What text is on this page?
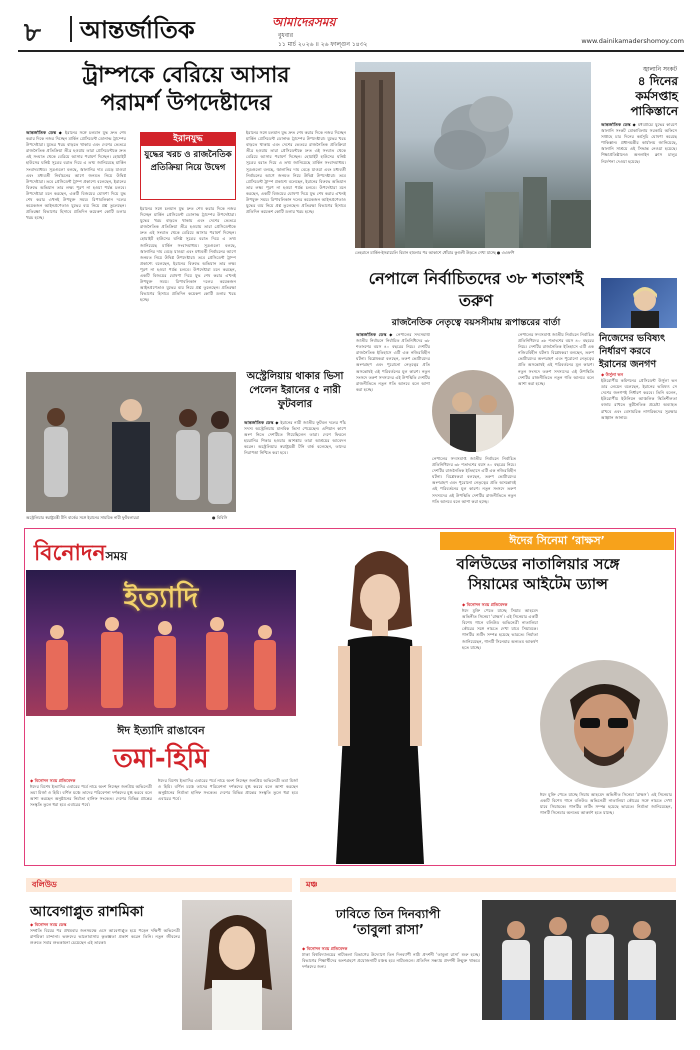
৮ আন্তর্জাতিক	আমাদেরসময়
বুধবার
১১ মার্চ ২০২৬ ॥ ২৬ ফাল্গুন ১৪৩২	www.dainikamadershomoy.com
ট্রাম্পকে বেরিয়ে আসার
পরামর্শ উপদেষ্টাদের
আন্তর্জাতিক ডেস্ক ◆ ইরানের সঙ্গে চলমান যুদ্ধ দ্রুত শেষ করার দিকে নজর দিচ্ছেন মার্কিন প্রেসিডেন্ট ডোনাল্ড ট্রাম্পের উপদেষ্টারা। যুদ্ধের খরচ বাড়তে থাকায় এবং দেশের ভেতরে রাজনৈতিক প্রতিক্রিয়া তীব্র হওয়ায় তারা প্রেসিডেন্টকে দ্রুত এই সংঘাত থেকে বেরিয়ে আসার পরামর্শ দিচ্ছেন। হোয়াইট হাউসের ঘনিষ্ঠ সূত্রের বরাত দিয়ে এ তথ্য জানিয়েছে মার্কিন সংবাদমাধ্যম। সূত্রগুলো বলছে, জ্বালানির দাম বেড়ে যাওয়া এবং মধ্যবর্তী নির্বাচনের আগে জনমত নিয়ে উদ্বিগ্ন উপদেষ্টারা। তবে প্রেসিডেন্ট ট্রাম্প প্রকাশ্যে বলেছেন, ইরানের বিরুদ্ধে অভিযান তার লক্ষ্য পূরণ না হওয়া পর্যন্ত চলবে। উপদেষ্টারা মনে করছেন, একটি বিজয়ের ঘোষণা দিয়ে যুদ্ধ শেষ করার এখনই উপযুক্ত সময়। রিপাবলিকান দলের কয়েকজন আইনপ্রণেতাও যুদ্ধের ব্যয় নিয়ে প্রশ্ন তুলেছেন। প্রতিরক্ষা বিভাগের হিসাবে প্রতিদিন কয়েকশ কোটি ডলার খরচ হচ্ছে।
ইরানযুদ্ধ
যুদ্ধের খরচ ও রাজনৈতিক প্রতিক্রিয়া নিয়ে উদ্বেগ
ইরানের সঙ্গে চলমান যুদ্ধ দ্রুত শেষ করার দিকে নজর দিচ্ছেন মার্কিন প্রেসিডেন্ট ডোনাল্ড ট্রাম্পের উপদেষ্টারা। যুদ্ধের খরচ বাড়তে থাকায় এবং দেশের ভেতরে রাজনৈতিক প্রতিক্রিয়া তীব্র হওয়ায় তারা প্রেসিডেন্টকে দ্রুত এই সংঘাত থেকে বেরিয়ে আসার পরামর্শ দিচ্ছেন। হোয়াইট হাউসের ঘনিষ্ঠ সূত্রের বরাত দিয়ে এ তথ্য জানিয়েছে মার্কিন সংবাদমাধ্যম। সূত্রগুলো বলছে, জ্বালানির দাম বেড়ে যাওয়া এবং মধ্যবর্তী নির্বাচনের আগে জনমত নিয়ে উদ্বিগ্ন উপদেষ্টারা। তবে প্রেসিডেন্ট ট্রাম্প প্রকাশ্যে বলেছেন, ইরানের বিরুদ্ধে অভিযান তার লক্ষ্য পূরণ না হওয়া পর্যন্ত চলবে। উপদেষ্টারা মনে করছেন, একটি বিজয়ের ঘোষণা দিয়ে যুদ্ধ শেষ করার এখনই উপযুক্ত সময়। রিপাবলিকান দলের কয়েকজন আইনপ্রণেতাও যুদ্ধের ব্যয় নিয়ে প্রশ্ন তুলেছেন। প্রতিরক্ষা বিভাগের হিসাবে প্রতিদিন কয়েকশ কোটি ডলার খরচ হচ্ছে।
ইরানের সঙ্গে চলমান যুদ্ধ দ্রুত শেষ করার দিকে নজর দিচ্ছেন মার্কিন প্রেসিডেন্ট ডোনাল্ড ট্রাম্পের উপদেষ্টারা। যুদ্ধের খরচ বাড়তে থাকায় এবং দেশের ভেতরে রাজনৈতিক প্রতিক্রিয়া তীব্র হওয়ায় তারা প্রেসিডেন্টকে দ্রুত এই সংঘাত থেকে বেরিয়ে আসার পরামর্শ দিচ্ছেন। হোয়াইট হাউসের ঘনিষ্ঠ সূত্রের বরাত দিয়ে এ তথ্য জানিয়েছে মার্কিন সংবাদমাধ্যম। সূত্রগুলো বলছে, জ্বালানির দাম বেড়ে যাওয়া এবং মধ্যবর্তী নির্বাচনের আগে জনমত নিয়ে উদ্বিগ্ন উপদেষ্টারা। তবে প্রেসিডেন্ট ট্রাম্প প্রকাশ্যে বলেছেন, ইরানের বিরুদ্ধে অভিযান তার লক্ষ্য পূরণ না হওয়া পর্যন্ত চলবে। উপদেষ্টারা মনে করছেন, একটি বিজয়ের ঘোষণা দিয়ে যুদ্ধ শেষ করার এখনই উপযুক্ত সময়। রিপাবলিকান দলের কয়েকজন আইনপ্রণেতাও যুদ্ধের ব্যয় নিয়ে প্রশ্ন তুলেছেন। প্রতিরক্ষা বিভাগের হিসাবে প্রতিদিন কয়েকশ কোটি ডলার খরচ হচ্ছে।
তেহরানে মার্কিন-ইসরায়েলি বিমান হামলার পর আকাশে ধোঁয়ার কুণ্ডলী উড়তে দেখা যাচ্ছে ● এএফপি
জ্বালানি সংকট
৪ দিনের কর্মসপ্তাহ পাকিস্তানে
আন্তর্জাতিক ডেস্ক ◆ মধ্যপ্রাচ্যে যুদ্ধের কারণে জ্বালানি সংকট মোকাবিলায় সরকারি অফিসে সপ্তাহে চার দিনের কর্মসূচি ঘোষণা করেছে পাকিস্তান। প্রধানমন্ত্রীর কার্যালয় জানিয়েছে, জ্বালানি সাশ্রয়ে এই সিদ্ধান্ত নেওয়া হয়েছে। শিক্ষাপ্রতিষ্ঠানেও অনলাইন ক্লাস চালুর নির্দেশনা দেওয়া হয়েছে।
নিজেদের ভবিষ্যৎ নির্ধারণ করবে ইরানের জনগণ
◆ উর্সুলা ভন
ইউরোপীয় কমিশনের প্রেসিডেন্ট উর্সুলা ভন ডার লেয়েন বলেছেন, ইরানের ভবিষ্যৎ সে দেশের জনগণই নির্ধারণ করবে। তিনি বলেন, ইউরোপীয় ইউনিয়ন আঞ্চলিক স্থিতিশীলতা বজায় রাখতে কূটনৈতিক প্রচেষ্টা অব্যাহত রাখবে এবং বেসামরিক নাগরিকদের সুরক্ষার আহ্বান জানায়।
অস্ট্রেলিয়ার স্বরাষ্ট্রমন্ত্রী টনি বার্কের সঙ্গে ইরানের সাময়িক নারী ফুটবলাররা	● বিবিসি
অস্ট্রেলিয়ায় থাকার ভিসা পেলেন ইরানের ৫ নারী ফুটবলার
আন্তর্জাতিক ডেস্ক ◆ ইরানের নারী জাতীয় ফুটবল দলের পাঁচ সদস্য অস্ট্রেলিয়ায় মানবিক ভিসা পেয়েছেন। এশিয়ান কাপে অংশ নিতে দেশটিতে গিয়েছিলেন তারা। দেশে ফিরলে হয়রানির শিকার হওয়ার আশঙ্কায় তারা আশ্রয়ের আবেদন করেন। অস্ট্রেলিয়ার স্বরাষ্ট্রমন্ত্রী টনি বার্ক বলেছেন, তাদের নিরাপত্তা নিশ্চিত করা হবে।
নেপালে নির্বাচিতদের ৩৮ শতাংশই তরুণ
রাজনৈতিক নেতৃত্বে বয়সসীমায় রূপান্তরের বার্তা
আন্তর্জাতিক ডেস্ক ◆ নেপালের সদ্যসমাপ্ত জাতীয় নির্বাচনে নির্বাচিত প্রতিনিধিদের ৩৮ শতাংশের বয়স ৪০ বছরের নিচে। দেশটির রাজনৈতিক ইতিহাসে এটি এক নজিরবিহীন ঘটনা। বিশ্লেষকরা বলছেন, তরুণ ভোটারদের অংশগ্রহণ এবং পুরোনো নেতৃত্বের প্রতি অসন্তোষই এই পরিবর্তনের মূল কারণ। নতুন সংসদে তরুণ সদস্যদের এই উপস্থিতি দেশটির রাজনীতিতে নতুন গতি আনবে বলে আশা করা হচ্ছে।
নেপালের সদ্যসমাপ্ত জাতীয় নির্বাচনে নির্বাচিত প্রতিনিধিদের ৩৮ শতাংশের বয়স ৪০ বছরের নিচে। দেশটির রাজনৈতিক ইতিহাসে এটি এক নজিরবিহীন ঘটনা। বিশ্লেষকরা বলছেন, তরুণ ভোটারদের অংশগ্রহণ এবং পুরোনো নেতৃত্বের প্রতি অসন্তোষই এই পরিবর্তনের মূল কারণ। নতুন সংসদে তরুণ সদস্যদের এই উপস্থিতি দেশটির রাজনীতিতে নতুন গতি আনবে বলে আশা করা হচ্ছে।
নেপালের সদ্যসমাপ্ত জাতীয় নির্বাচনে নির্বাচিত প্রতিনিধিদের ৩৮ শতাংশের বয়স ৪০ বছরের নিচে। দেশটির রাজনৈতিক ইতিহাসে এটি এক নজিরবিহীন ঘটনা। বিশ্লেষকরা বলছেন, তরুণ ভোটারদের অংশগ্রহণ এবং পুরোনো নেতৃত্বের প্রতি অসন্তোষই এই পরিবর্তনের মূল কারণ। নতুন সংসদে তরুণ সদস্যদের এই উপস্থিতি দেশটির রাজনীতিতে নতুন গতি আনবে বলে আশা করা হচ্ছে।
বিনোদনসময়
ইত্যাদি
ঈদ ইত্যাদি রাঙাবেন
তমা-হিমি
◆ বিনোদন সময় প্রতিবেদক
ঈদের বিশেষ ইত্যাদির এবারের পর্বে নাচে অংশ নিচ্ছেন জনপ্রিয় অভিনেত্রী তমা মির্জা ও হিমি। বর্ণিল মঞ্চে তাদের পরিবেশনা দর্শকদের মুগ্ধ করবে বলে আশা করছেন অনুষ্ঠানের নির্মাতা হানিফ সংকেত। দেশের বিভিন্ন প্রান্তের সংস্কৃতি তুলে ধরা হবে এবারের পর্বে।
ঈদের বিশেষ ইত্যাদির এবারের পর্বে নাচে অংশ নিচ্ছেন জনপ্রিয় অভিনেত্রী তমা মির্জা ও হিমি। বর্ণিল মঞ্চে তাদের পরিবেশনা দর্শকদের মুগ্ধ করবে বলে আশা করছেন অনুষ্ঠানের নির্মাতা হানিফ সংকেত। দেশের বিভিন্ন প্রান্তের সংস্কৃতি তুলে ধরা হবে এবারের পর্বে।
ঈদের সিনেমা ‘রাক্ষস’
বলিউডের নাতালিয়ার সঙ্গে
সিয়ামের আইটেম ড্যান্স
◆ বিনোদন সময় প্রতিবেদক
ঈদে মুক্তি পেতে যাচ্ছে সিয়াম আহমেদ অভিনীত সিনেমা ‘রাক্ষস’। এই সিনেমার একটি বিশেষ গানে বলিউড অভিনেত্রী নাতালিয়া কৌরের সঙ্গে নাচতে দেখা যাবে সিয়ামকে। গানটির শুটিং সম্পন্ন হয়েছে ভারতে। নির্মাতা জানিয়েছেন, গানটি সিনেমার অন্যতম আকর্ষণ হতে যাচ্ছে।
ঈদে মুক্তি পেতে যাচ্ছে সিয়াম আহমেদ অভিনীত সিনেমা ‘রাক্ষস’। এই সিনেমার একটি বিশেষ গানে বলিউড অভিনেত্রী নাতালিয়া কৌরের সঙ্গে নাচতে দেখা যাবে সিয়ামকে। গানটির শুটিং সম্পন্ন হয়েছে ভারতে। নির্মাতা জানিয়েছেন, গানটি সিনেমার অন্যতম আকর্ষণ হতে যাচ্ছে।
বলিউড
আবেগাপ্লুত রাশমিকা
◆ বিনোদন সময় ডেস্ক
সম্প্রতি বিয়ের পর প্রথমবার জনসমক্ষে এসে আবেগাপ্লুত হয়ে পড়েন দক্ষিণী অভিনেত্রী রাশমিকা মান্দানা। ভক্তদের ভালোবাসায় কৃতজ্ঞতা প্রকাশ করেন তিনি। নতুন জীবনের শুরুতে সবার শুভকামনা চেয়েছেন এই তারকা।
মঞ্চ
ঢাবিতে তিন দিনব্যাপী
‘তাবুলা রাসা’
◆ বিনোদন সময় প্রতিবেদক
ঢাকা বিশ্ববিদ্যালয়ের নাট্যকলা বিভাগের উদ্যোগে তিন দিনব্যাপী নাট্য প্রদর্শনী ‘তাবুলা রাসা’ শুরু হচ্ছে। বিভাগের শিক্ষার্থীদের অংশগ্রহণে প্রযোজনাটি মঞ্চস্থ হবে নাটমণ্ডলে। প্রতিদিন সন্ধ্যায় প্রদর্শনী উন্মুক্ত থাকবে দর্শকদের জন্য।
